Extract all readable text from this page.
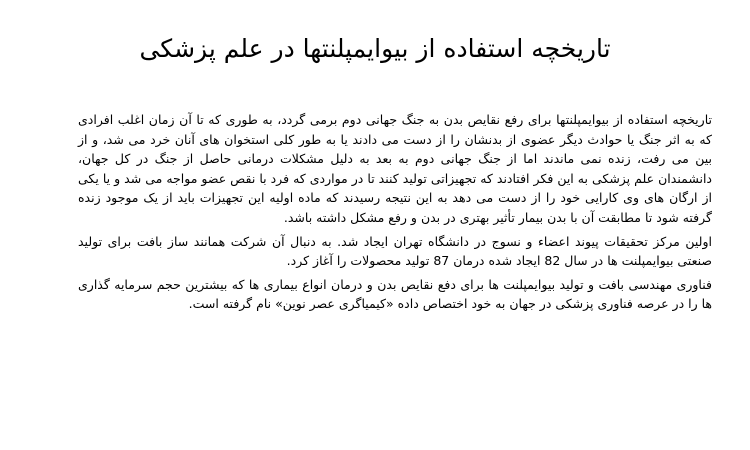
تاریخچه استفاده از بیوایمپلنتها در علم پزشکی

تاریخچه استفاده از بیوایمپلنتها برای رفع نقایص بدن به جنگ جهانی دوم برمی گردد، به طوری که تا آن زمان اغلب افرادی که به اثر جنگ یا حوادث دیگر عضوی از بدنشان را از دست می دادند یا به طور کلی استخوان های آنان خرد می شد، و از بین می رفت، زنده نمی ماندند اما از جنگ جهانی دوم به بعد به دلیل مشکلات درمانی حاصل از جنگ در کل جهان، دانشمندان علم پزشکی به این فکر افتادند که تجهیزاتی تولید کنند تا در مواردی که فرد با نقص عضو مواجه می شد و یا یکی از ارگان های وی کارایی خود را از دست می دهد به این نتیجه رسیدند که ماده اولیه این تجهیزات باید از یک موجود زنده گرفته شود تا مطابقت آن با بدن بیمار تأثیر بهتری در بدن و رفع مشکل داشته باشد.

اولین مرکز تحقیقات پیوند اعضاء و نسوج در دانشگاه تهران ایجاد شد. به دنبال آن شرکت همانند ساز بافت برای تولید صنعتی بیوایمپلنت ها در سال 82 ایجاد شده درمان 87 تولید محصولات را آغاز کرد.

فناوری مهندسی بافت و تولید بیوایمپلنت ها برای دفع نقایص بدن و درمان انواع بیماری ها که بیشترین حجم سرمایه گذاری ها را در عرصه فناوری پزشکی در جهان به خود اختصاص داده «کیمیاگری عصر نوین» نام گرفته است.
